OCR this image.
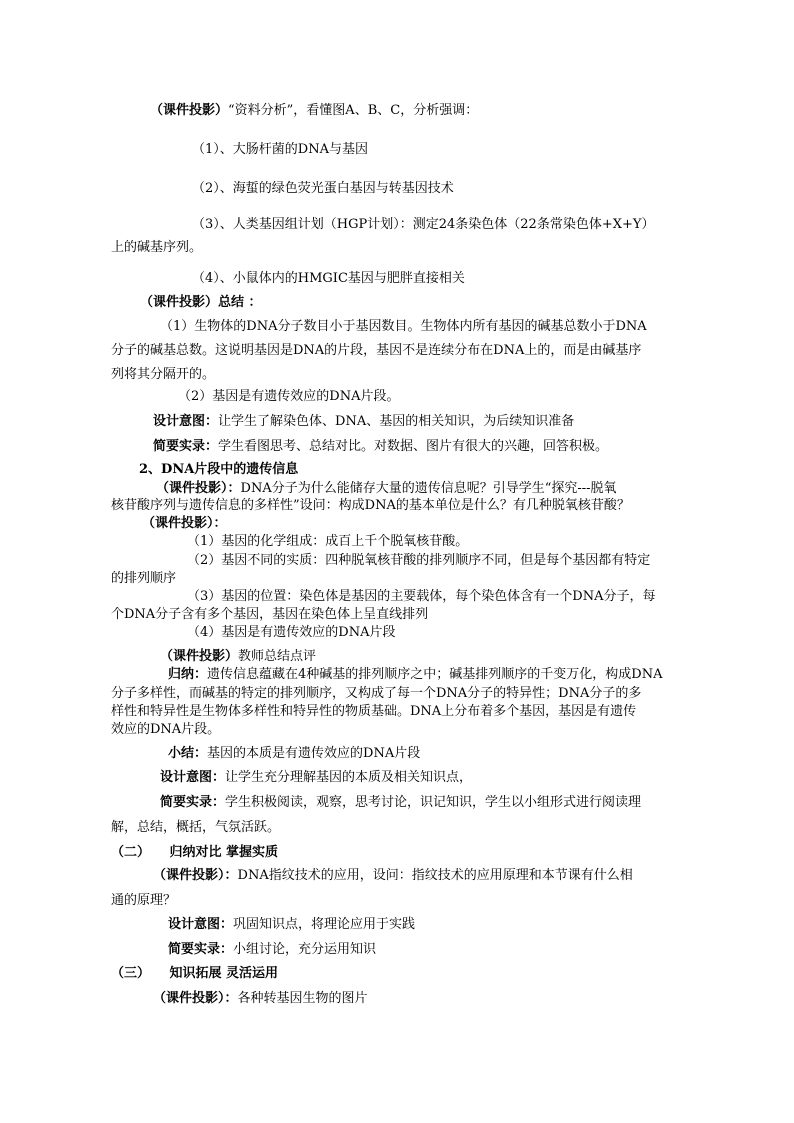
（课件投影）“资料分析”，看懂图A、B、C，分析强调：
（1）、大肠杆菌的DNA与基因
（2）、海蜇的绿色荧光蛋白基因与转基因技术
（3）、人类基因组计划（HGP计划）：测定24条染色体（22条常染色体+X+Y）
上的碱基序列。
（4）、小鼠体内的HMGIC基因与肥胖直接相关
（课件投影）总结 ：
（1）生物体的DNA分子数目小于基因数目。生物体内所有基因的碱基总数小于DNA
分子的碱基总数。这说明基因是DNA的片段，基因不是连续分布在DNA上的，而是由碱基序
列将其分隔开的。
（2）基因是有遗传效应的DNA片段。
设计意图：让学生了解染色体、DNA、基因的相关知识，为后续知识准备
简要实录：学生看图思考、总结对比。对数据、图片有很大的兴趣，回答积极。
2、DNA片段中的遗传信息
（课件投影）：DNA分子为什么能储存大量的遗传信息呢？引导学生“探究---脱氧
核苷酸序列与遗传信息的多样性”设问：构成DNA的基本单位是什么？有几种脱氧核苷酸？
（课件投影）：
（1）基因的化学组成：成百上千个脱氧核苷酸。
（2）基因不同的实质：四种脱氧核苷酸的排列顺序不同，但是每个基因都有特定
的排列顺序
（3）基因的位置：染色体是基因的主要载体，每个染色体含有一个DNA分子，每
个DNA分子含有多个基因，基因在染色体上呈直线排列
（4）基因是有遗传效应的DNA片段
（课件投影）教师总结点评
归纳：遗传信息蕴藏在4种碱基的排列顺序之中；碱基排列顺序的千变万化，构成DNA
分子多样性，而碱基的特定的排列顺序，又构成了每一个DNA分子的特异性；DNA分子的多
样性和特异性是生物体多样性和特异性的物质基础。DNA上分布着多个基因，基因是有遗传
效应的DNA片段。
小结：基因的本质是有遗传效应的DNA片段
设计意图：让学生充分理解基因的本质及相关知识点，
简要实录：学生积极阅读，观察，思考讨论，识记知识，学生以小组形式进行阅读理
解，总结，概括，气氛活跃。
（二）　　归纳对比 掌握实质
（课件投影）：DNA指纹技术的应用，设问：指纹技术的应用原理和本节课有什么相
通的原理？
设计意图：巩固知识点，将理论应用于实践
简要实录：小组讨论，充分运用知识
（三）　　知识拓展 灵活运用
（课件投影）：各种转基因生物的图片
